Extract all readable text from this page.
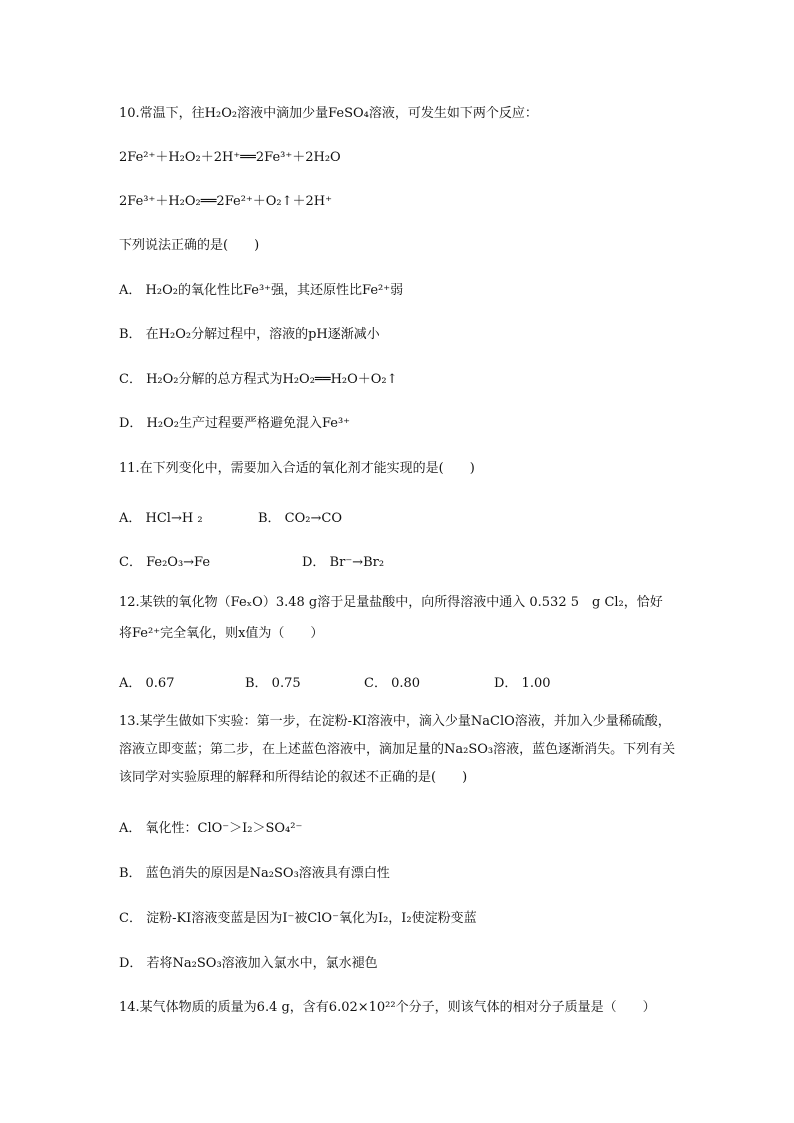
10.常温下，往H₂O₂溶液中滴加少量FeSO₄溶液，可发生如下两个反应：
2Fe²⁺＋H₂O₂＋2H⁺══2Fe³⁺＋2H₂O
2Fe³⁺＋H₂O₂══2Fe²⁺＋O₂↑＋2H⁺
下列说法正确的是(　　)
A． H₂O₂的氧化性比Fe³⁺强，其还原性比Fe²⁺弱
B． 在H₂O₂分解过程中，溶液的pH逐渐减小
C． H₂O₂分解的总方程式为H₂O₂══H₂O＋O₂↑
D． H₂O₂生产过程要严格避免混入Fe³⁺
11.在下列变化中，需要加入合适的氧化剂才能实现的是(　　)
A． HCl→H ₂	B． CO₂→CO
C． Fe₂O₃→Fe	D． Br⁻→Br₂
12.某铁的氧化物（FeₓO）3.48 g溶于足量盐酸中，向所得溶液中通入 0.532 5　g Cl₂，恰好
将Fe²⁺完全氧化，则x值为（　　）
A． 0.67	B． 0.75	C． 0.80	D． 1.00
13.某学生做如下实验：第一步，在淀粉-KI溶液中，滴入少量NaClO溶液，并加入少量稀硫酸，溶液立即变蓝；第二步，在上述蓝色溶液中，滴加足量的Na₂SO₃溶液，蓝色逐渐消失。下列有关该同学对实验原理的解释和所得结论的叙述不正确的是(　　)
A． 氧化性：ClO⁻＞I₂＞SO₄²⁻
B． 蓝色消失的原因是Na₂SO₃溶液具有漂白性
C． 淀粉-KI溶液变蓝是因为I⁻被ClO⁻氧化为I₂，I₂使淀粉变蓝
D． 若将Na₂SO₃溶液加入氯水中，氯水褪色
14.某气体物质的质量为6.4 g，含有6.02×10²²个分子，则该气体的相对分子质量是（　　）
